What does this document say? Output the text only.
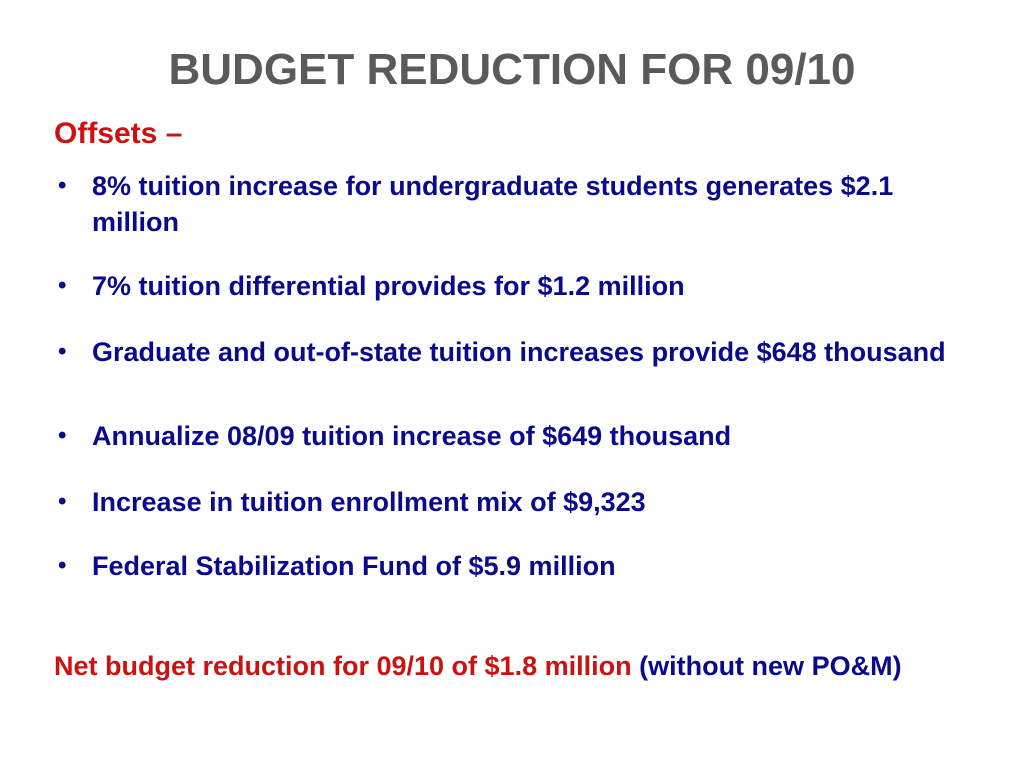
BUDGET REDUCTION FOR 09/10

Offsets –

• 8% tuition increase for undergraduate students generates $2.1 million
• 7% tuition differential provides for $1.2 million
• Graduate and out-of-state tuition increases provide $648 thousand
• Annualize 08/09 tuition increase of $649 thousand
• Increase in tuition enrollment mix of $9,323
• Federal Stabilization Fund of $5.9 million

Net budget reduction for 09/10 of $1.8 million (without new PO&M)
